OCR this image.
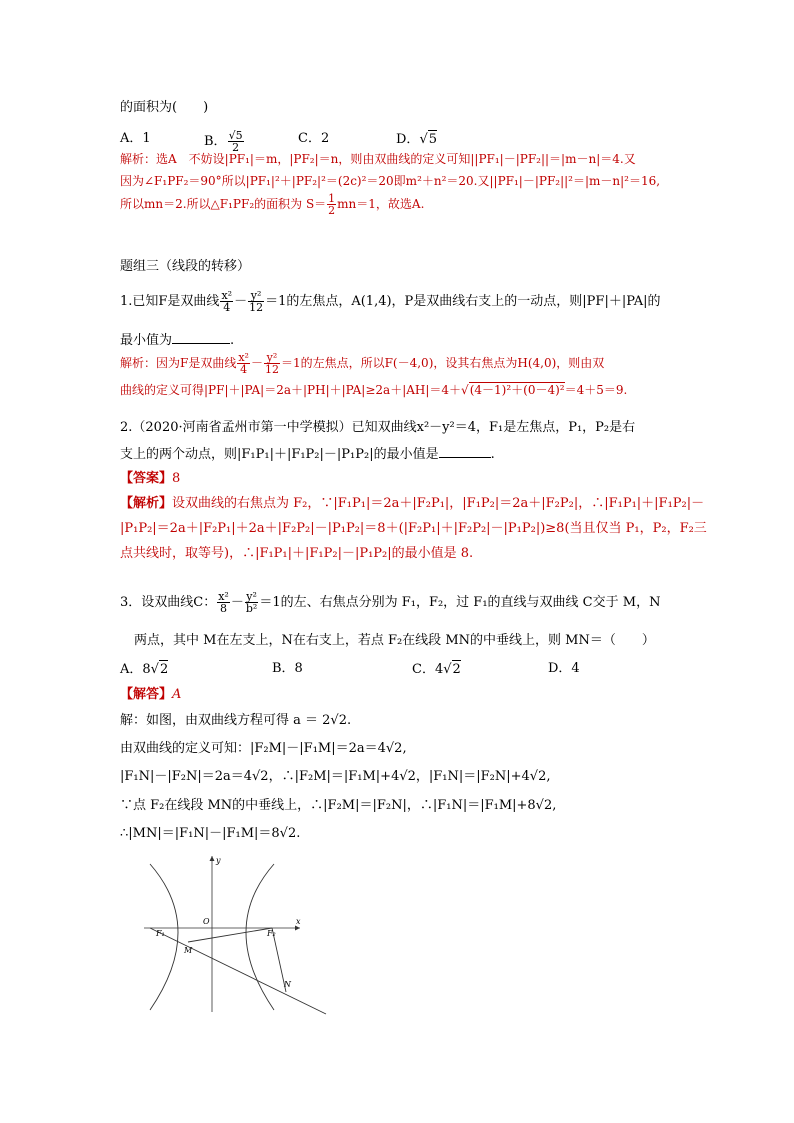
的面积为(　　)
A．1	B． $\frac{√5}{2}$	C．2	D．√5
解析：选A　不妨设|PF₁|＝m，|PF₂|＝n，则由双曲线的定义可知||PF₁|－|PF₂||＝|m－n|＝4.又
因为∠F₁PF₂＝90°所以|PF₁|²＋|PF₂|²＝(2c)²＝20即m²＋n²＝20.又||PF₁|－|PF₂||²＝|m－n|²＝16,
所以mn＝2.所以△F₁PF₂的面积为 $S= \frac{1}{2} mn=1$，故选A.
题组三（线段的转移）
1.已知F是双曲线 $\frac{\text{x²}}{4} - \frac{\text{y²}}{12} =1$的左焦点，A(1,4)，P是双曲线右支上的一动点，则|PF|＋|PA|的
最小值为	.
解析：因为F是双曲线 $\frac{\text{x²}}{4} - \frac{\text{y²}}{12} =1$的左焦点，所以F(－4,0)，设其右焦点为H(4,0)，则由双
曲线的定义可得|PF|＋|PA|＝2a＋|PH|＋|PA|≥2a＋|AH|＝4＋√(4－1)²＋(0－4)²＝4＋5＝9.
2.（2020·河南省孟州市第一中学模拟）已知双曲线x²－y²＝4，F₁是左焦点，P₁，P₂是右
支上的两个动点，则|F₁P₁|＋|F₁P₂|－|P₁P₂|的最小值是	.
【答案】8
【解析】设双曲线的右焦点为 F₂，∵|F₁P₁|＝2a＋|F₂P₁|，|F₁P₂|＝2a＋|F₂P₂|，∴|F₁P₁|＋|F₁P₂|－
|P₁P₂|＝2a＋|F₂P₁|＋2a＋|F₂P₂|－|P₁P₂|＝8＋(|F₂P₁|＋|F₂P₂|－|P₁P₂|)≥8(当且仅当 P₁，P₂，F₂三
点共线时，取等号)，∴|F₁P₁|＋|F₁P₂|－|P₁P₂|的最小值是 8.
3．设双曲线C： $\frac{\text{x²}}{8} - \frac{\text{y²}}{\text{b²}} =1$的左、右焦点分别为 F₁，F₂，过 F₁的直线与双曲线 C交于 M，N
两点，其中 M在左支上，N在右支上，若点 F₂在线段 MN的中垂线上，则 MN＝（　　）
A．8√2	B．8	C．4√2	D．4
【解答】A
解：如图，由双曲线方程可得 a ＝ 2√2.
由双曲线的定义可知：|F₂M|－|F₁M|＝2a＝4√2,
|F₁N|－|F₂N|＝2a＝4√2，∴|F₂M|＝|F₁M|+4√2，|F₁N|＝|F₂N|+4√2,
∵点 F₂在线段 MN的中垂线上，∴|F₂M|＝|F₂N|，∴|F₁N|＝|F₁M|+8√2,
∴|MN|＝|F₁N|－|F₁M|＝8√2.
y
x
O
F₁	F₂
M
N
